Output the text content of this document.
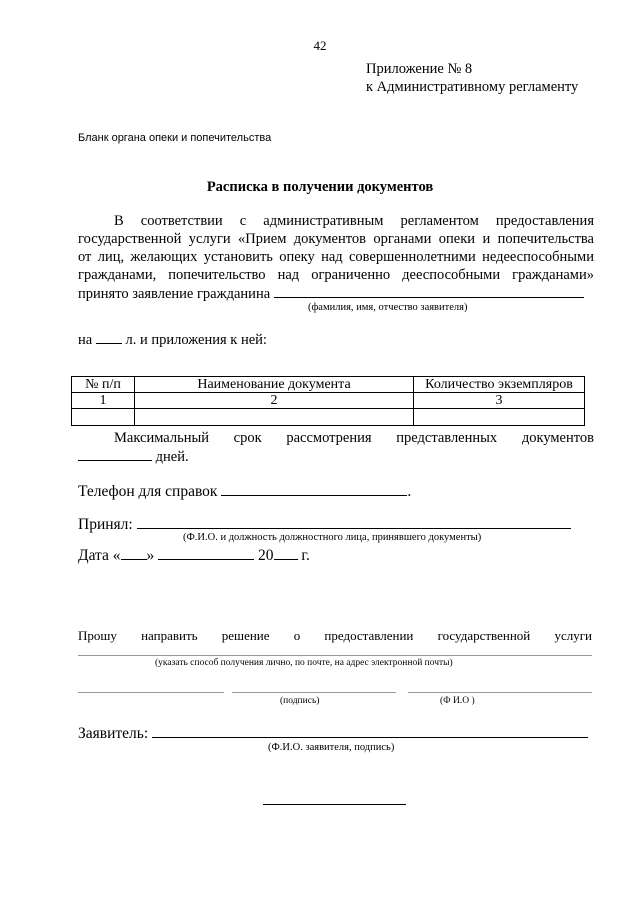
42
Приложение № 8
к Административному регламенту
Бланк органа опеки и попечительства
Расписка в получении документов
В соответствии с административным регламентом предоставления
государственной услуги «Прием документов органами опеки и попечительства
от лиц, желающих установить опеку над совершеннолетними недееспособными
гражданами, попечительство над ограниченно дееспособными гражданами»
принято заявление гражданина
(фамилия, имя, отчество заявителя)
на л. и приложения к ней:
№ п/п	Наименование документа	Количество экземпляров
1	2	3

Максимальный срок рассмотрения представленных документов
дней.
Телефон для справок	.
Принял:
(Ф.И.О. и должность должностного лица, принявшего документы)
Дата « »	20 г.
Прошу направить решение о предоставлении государственной услуги
(указать способ получения лично, по почте, на адрес электронной почты)
(подпись)	(Ф И.О )
Заявитель:
(Ф.И.О. заявителя, подпись)
